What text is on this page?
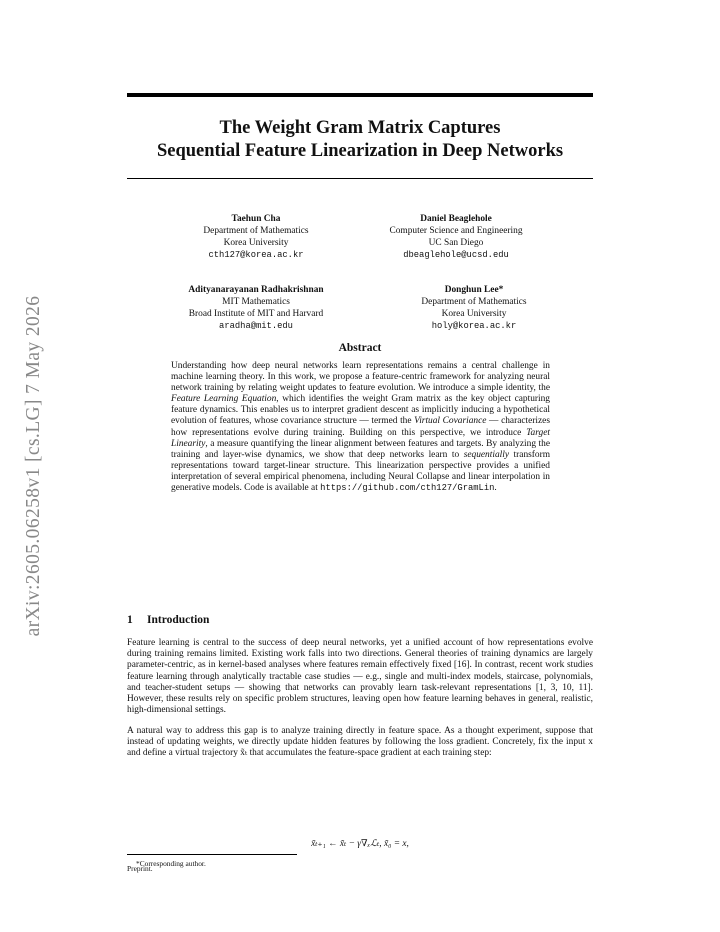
arXiv:2605.06258v1 [cs.LG] 7 May 2026
The Weight Gram Matrix Captures
Sequential Feature Linearization in Deep Networks
Taehun Cha
Department of Mathematics
Korea University
cth127@korea.ac.kr
Daniel Beaglehole
Computer Science and Engineering
UC San Diego
dbeaglehole@ucsd.edu
Adityanarayanan Radhakrishnan
MIT Mathematics
Broad Institute of MIT and Harvard
aradha@mit.edu
Donghun Lee*
Department of Mathematics
Korea University
holy@korea.ac.kr
Abstract
Understanding how deep neural networks learn representations remains a central challenge in machine learning theory. In this work, we propose a feature-centric framework for analyzing neural network training by relating weight updates to feature evolution. We introduce a simple identity, the Feature Learning Equation, which identifies the weight Gram matrix as the key object capturing feature dynamics. This enables us to interpret gradient descent as implicitly inducing a hypothetical evolution of features, whose covariance structure — termed the Virtual Covariance — characterizes how representations evolve during training. Building on this perspective, we introduce Target Linearity, a measure quantifying the linear alignment between features and targets. By analyzing the training and layer-wise dynamics, we show that deep networks learn to sequentially transform representations toward target-linear structure. This linearization perspective provides a unified interpretation of several empirical phenomena, including Neural Collapse and linear interpolation in generative models. Code is available at https://github.com/cth127/GramLin.
1 Introduction
Feature learning is central to the success of deep neural networks, yet a unified account of how representations evolve during training remains limited. Existing work falls into two directions. General theories of training dynamics are largely parameter-centric, as in kernel-based analyses where features remain effectively fixed [16]. In contrast, recent work studies feature learning through analytically tractable case studies — e.g., single and multi-index models, staircase, polynomials, and teacher-student setups — showing that networks can provably learn task-relevant representations [1, 3, 10, 11]. However, these results rely on specific problem structures, leaving open how feature learning behaves in general, realistic, high-dimensional settings.
A natural way to address this gap is to analyze training directly in feature space. As a thought experiment, suppose that instead of updating weights, we directly update hidden features by following the loss gradient. Concretely, fix the input x and define a virtual trajectory x̃ₜ that accumulates the feature-space gradient at each training step:
x̃ₜ₊₁ ← x̃ₜ − γ∇ₓℒₜ, x̃₀ = x,
*Corresponding author.
Preprint.
